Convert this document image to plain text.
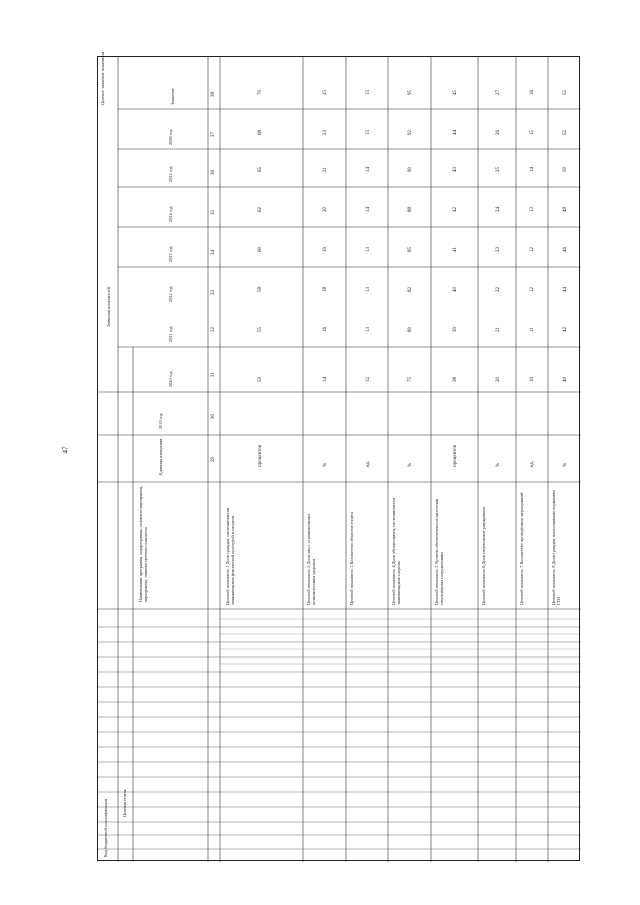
47
Код бюджетной классификации	Целевая статья
Значения показателей
Наименование программы, подпрограммы, основного мероприятия, мероприятия, значение целевого показателя
Единица измерения
2019 год
2020 год
2021 год
2022 год
2023 год
2024 год
2025 год
2026 год
Значение
Целевое значение показателя
29
30
31
32
33
34
35
36
37
38
Целевой показатель 1 Доля граждан, систематически занимающихся физической культурой и спортом
процентов
53
55
58
60
62
65
68
70
Целевой показатель 2 Доля лиц с ограниченными возможностями здоровья
%
14
16
18
19
20
21
23
25
Целевой показатель 3 Количество объектов спорта
ед.
12
13
13
13
14
14
15
15
Целевой показатель 4 Доля обучающихся, систематически занимающихся спортом
%
75
80
82
85
88
90
92
95
Целевой показатель 5 Уровень обеспеченности населения спортивными сооружениями
процентов
38
39
40
41
42
43
44
45
Целевой показатель 6 Доля спортсменов-разрядников
%
20
21
22
23
24
25
26
27
Целевой показатель 7 Количество проведённых мероприятий
ед.
10
11
12
12
13
14
15
16
Целевой показатель 8 Доля граждан, выполнивших нормативы ГТО
%
40
42
44
46
48
50
52
55
